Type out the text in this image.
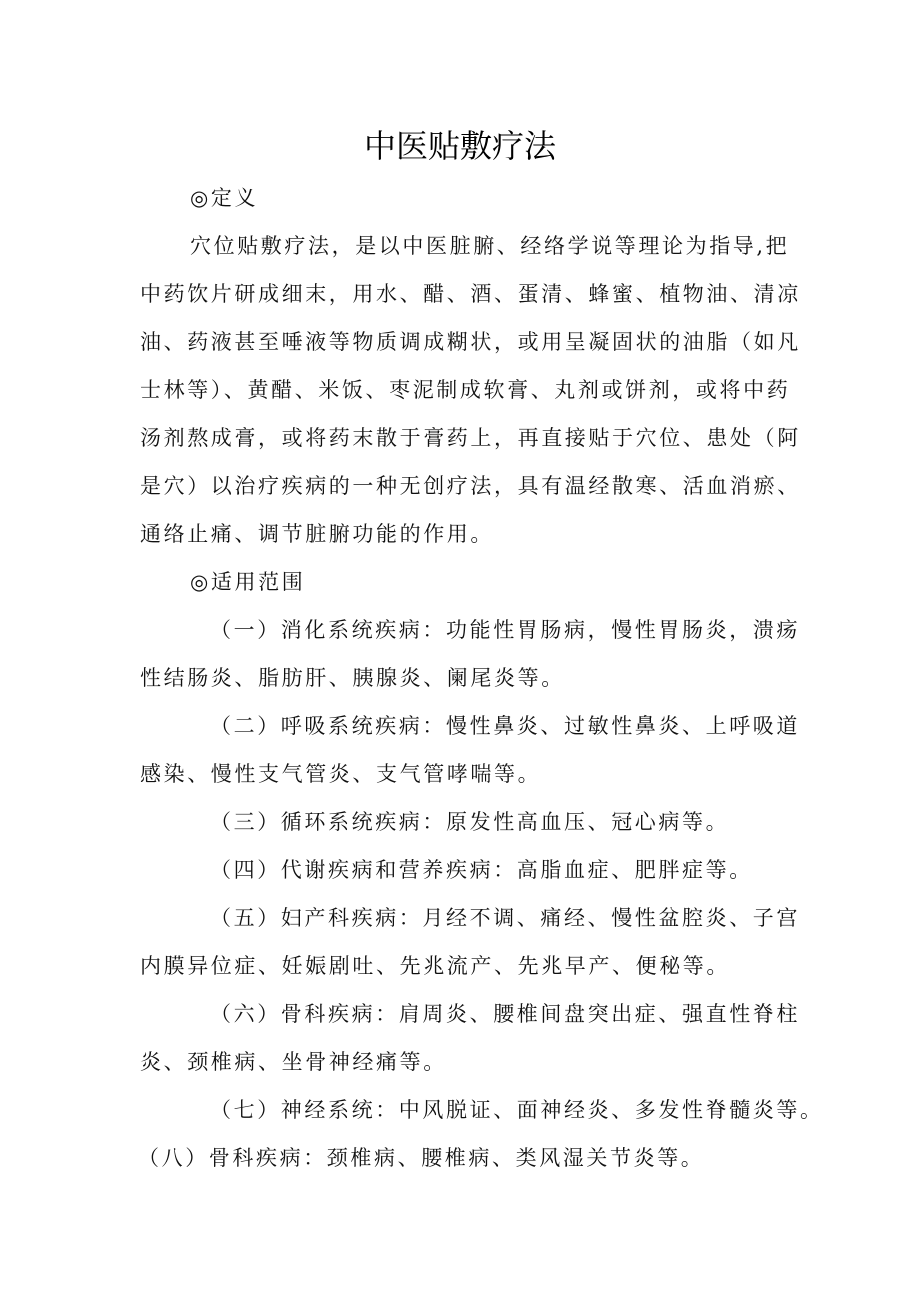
中医贴敷疗法
◎定义
穴位贴敷疗法，是以中医脏腑、经络学说等理论为指导,把
中药饮片研成细末，用水、醋、酒、蛋清、蜂蜜、植物油、清凉
油、药液甚至唾液等物质调成糊状，或用呈凝固状的油脂（如凡
士林等）、黄醋、米饭、枣泥制成软膏、丸剂或饼剂，或将中药
汤剂熬成膏，或将药末散于膏药上，再直接贴于穴位、患处（阿
是穴）以治疗疾病的一种无创疗法，具有温经散寒、活血消瘀、
通络止痛、调节脏腑功能的作用。
◎适用范围
（一）消化系统疾病：功能性胃肠病，慢性胃肠炎，溃疡
性结肠炎、脂肪肝、胰腺炎、阑尾炎等。
（二）呼吸系统疾病：慢性鼻炎、过敏性鼻炎、上呼吸道
感染、慢性支气管炎、支气管哮喘等。
（三）循环系统疾病：原发性高血压、冠心病等。
（四）代谢疾病和营养疾病：高脂血症、肥胖症等。
（五）妇产科疾病：月经不调、痛经、慢性盆腔炎、子宫
内膜异位症、妊娠剧吐、先兆流产、先兆早产、便秘等。
（六）骨科疾病：肩周炎、腰椎间盘突出症、强直性脊柱
炎、颈椎病、坐骨神经痛等。
（七）神经系统：中风脱证、面神经炎、多发性脊髓炎等。
（八）骨科疾病：颈椎病、腰椎病、类风湿关节炎等。
